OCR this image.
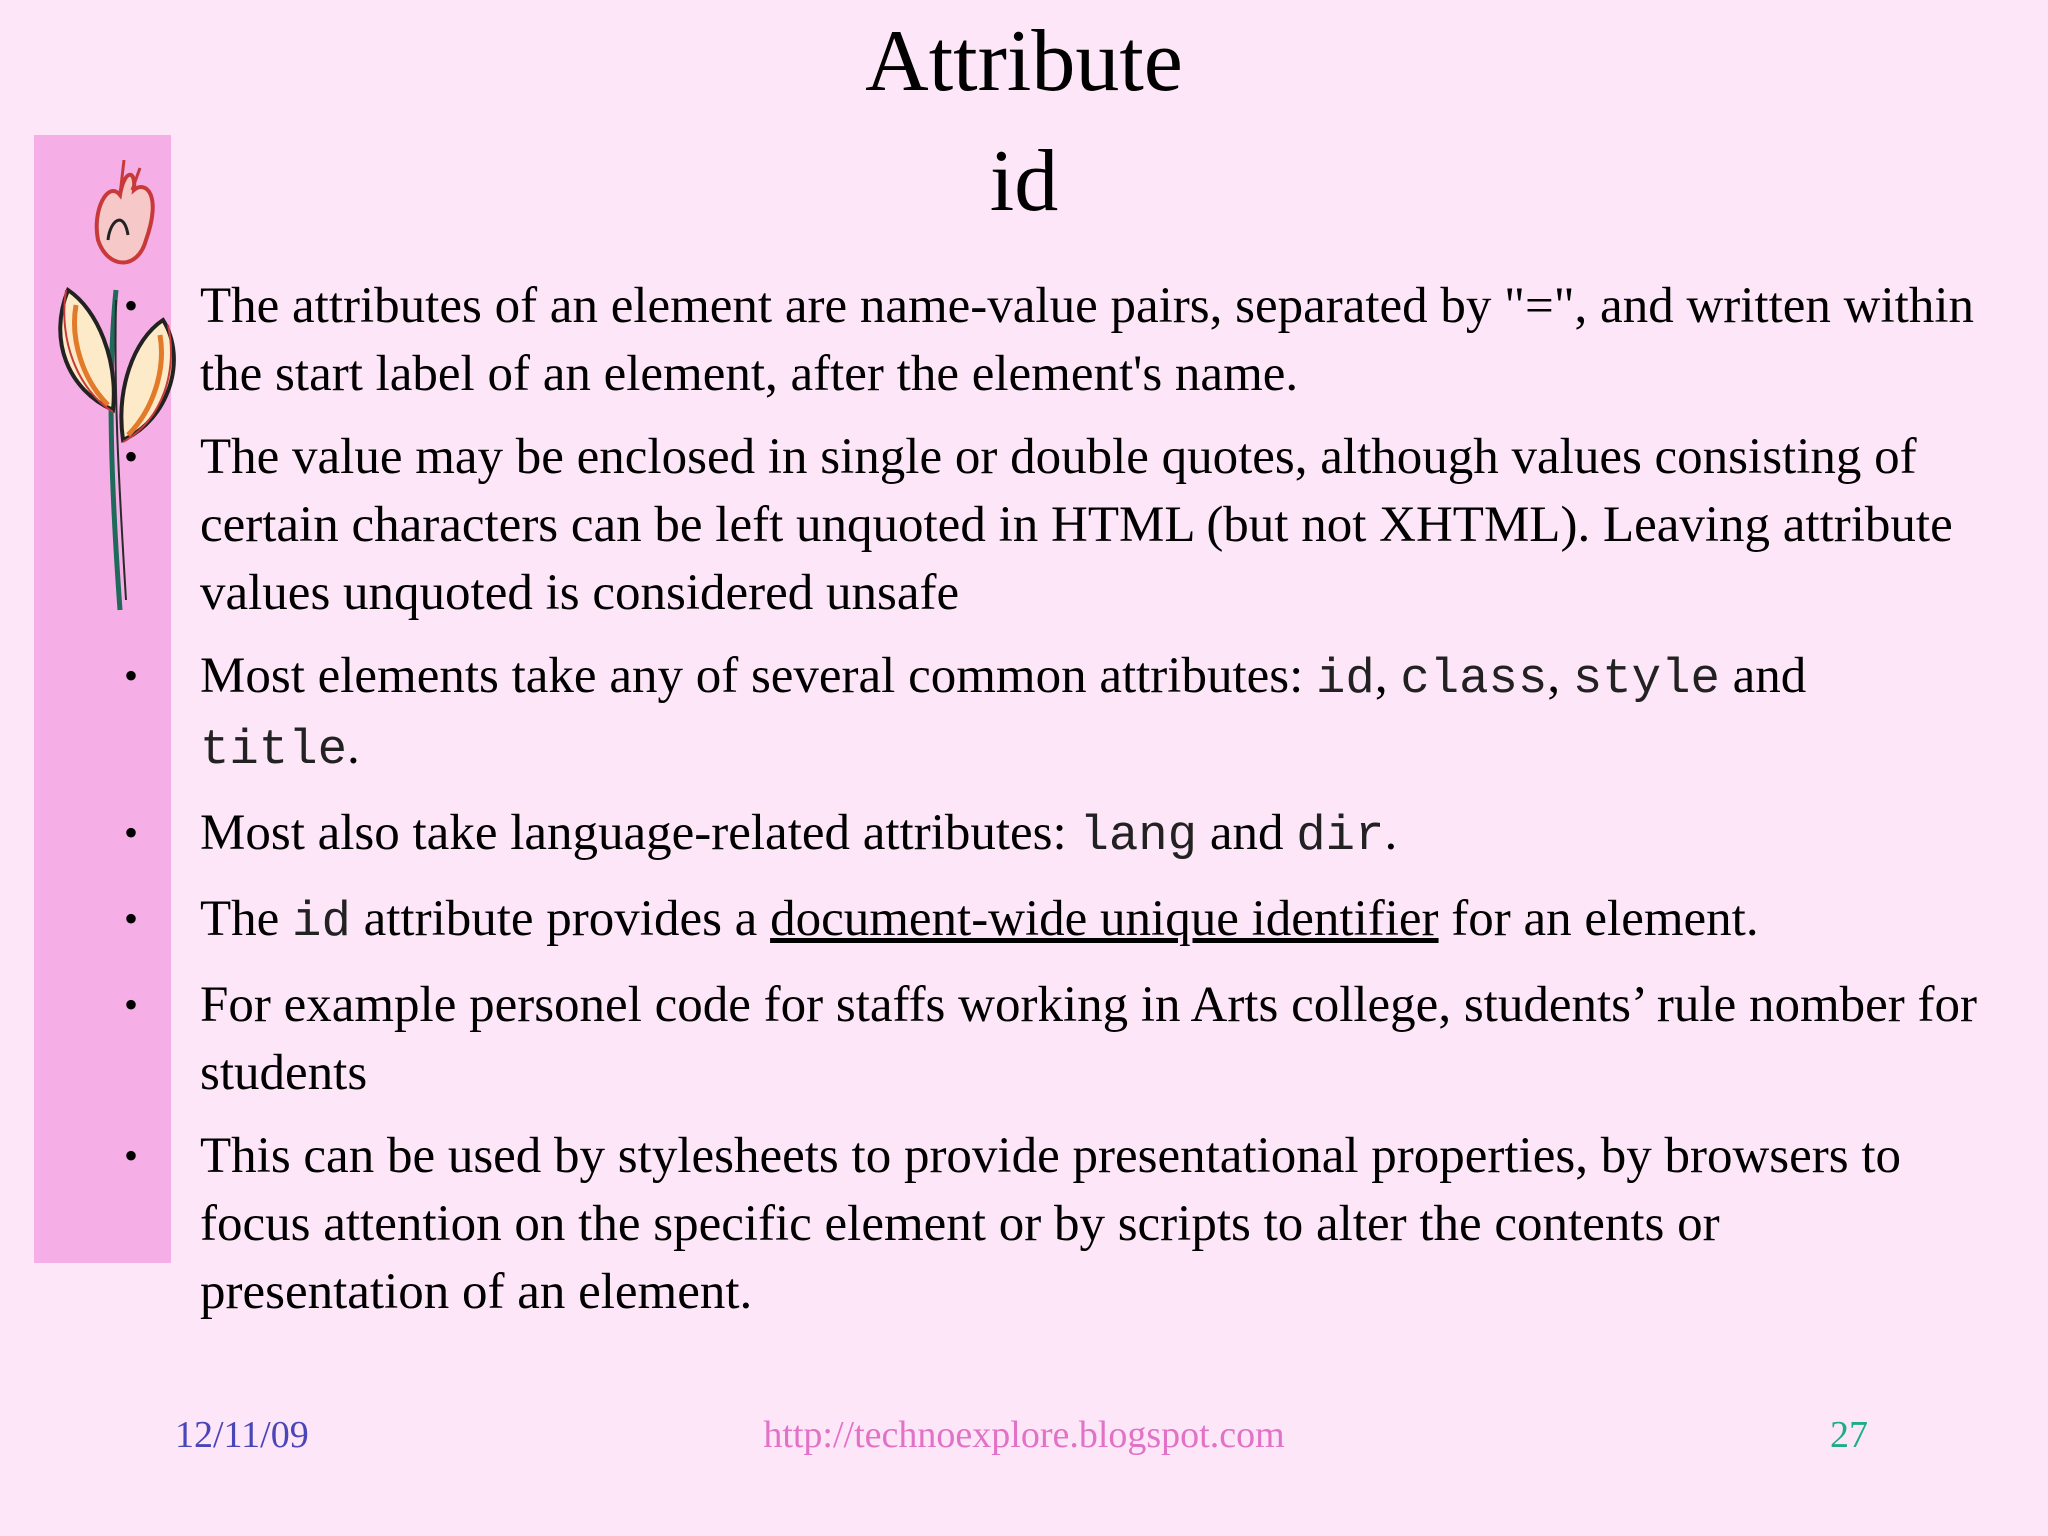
Attribute
id
• The attributes of an element are name-value pairs, separated by "=", and written within the start label of an element, after the element's name.
• The value may be enclosed in single or double quotes, although values consisting of certain characters can be left unquoted in HTML (but not XHTML). Leaving attribute values unquoted is considered unsafe
• Most elements take any of several common attributes: id, class, style and title.
• Most also take language-related attributes: lang and dir.
• The id attribute provides a document-wide unique identifier for an element.
• For example personel code for staffs working in Arts college, students’ rule nomber for students
• This can be used by stylesheets to provide presentational properties, by browsers to focus attention on the specific element or by scripts to alter the contents or presentation of an element.
12/11/09	http://technoexplore.blogspot.com	27
